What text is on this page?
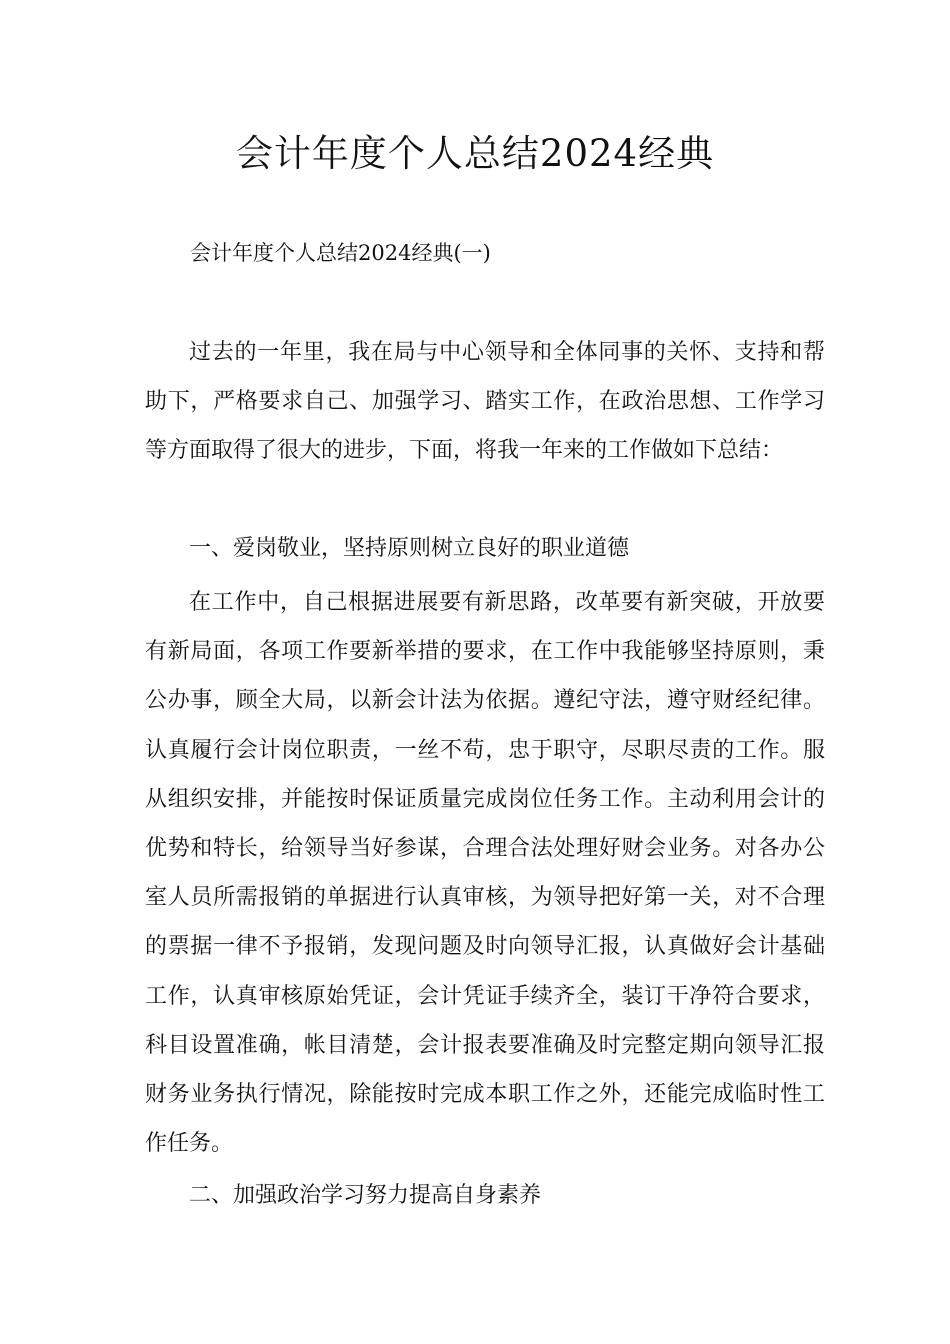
会计年度个人总结2024经典

会计年度个人总结2024经典(一)

过去的一年里，我在局与中心领导和全体同事的关怀、支持和帮助下，严格要求自己、加强学习、踏实工作，在政治思想、工作学习等方面取得了很大的进步，下面，将我一年来的工作做如下总结：

一、爱岗敬业，坚持原则树立良好的职业道德

在工作中，自己根据进展要有新思路，改革要有新突破，开放要有新局面，各项工作要新举措的要求，在工作中我能够坚持原则，秉公办事，顾全大局，以新会计法为依据。遵纪守法，遵守财经纪律。认真履行会计岗位职责，一丝不苟，忠于职守，尽职尽责的工作。服从组织安排，并能按时保证质量完成岗位任务工作。主动利用会计的优势和特长，给领导当好参谋，合理合法处理好财会业务。对各办公室人员所需报销的单据进行认真审核，为领导把好第一关，对不合理的票据一律不予报销，发现问题及时向领导汇报，认真做好会计基础工作，认真审核原始凭证，会计凭证手续齐全，装订干净符合要求，科目设置准确，帐目清楚，会计报表要准确及时完整定期向领导汇报财务业务执行情况，除能按时完成本职工作之外，还能完成临时性工作任务。

二、加强政治学习努力提高自身素养
